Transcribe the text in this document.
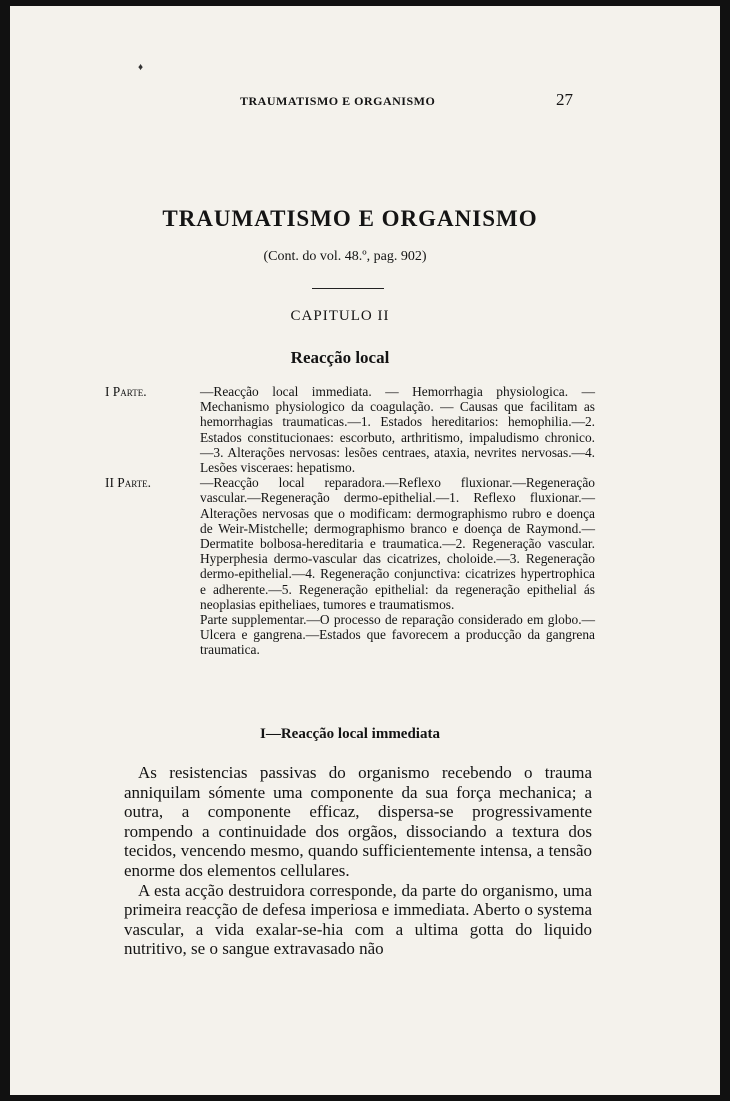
♦
TRAUMATISMO E ORGANISMO	27
TRAUMATISMO E ORGANISMO
(Cont. do vol. 48.º, pag. 902)
CAPITULO II
Reacção local
I Parte.	—Reacção local immediata. — Hemorrhagia physiologica. — Mechanismo physiologico da coagulação. — Causas que facilitam as hemorrhagias traumaticas.—1. Estados hereditarios: hemophilia.—2. Estados constitucionaes: escorbuto, arthritismo, impaludismo chronico.—3. Alterações nervosas: lesões centraes, ataxia, nevrites nervosas.—4. Lesões visceraes: hepatismo.
II Parte.	—Reacção local reparadora.—Reflexo fluxionar.—Regeneração vascular.—Regeneração dermo-epithelial.—1. Reflexo fluxionar.—Alterações nervosas que o modificam: dermographismo rubro e doença de Weir-Mistchelle; dermographismo branco e doença de Raymond.—Dermatite bolbosa-hereditaria e traumatica.—2. Regeneração vascular. Hyperphesia dermo-vascular das cicatrizes, choloide.—3. Regeneração dermo-epithelial.—4. Regeneração conjunctiva: cicatrizes hypertrophica e adherente.—5. Regeneração epithelial: da regeneração epithelial ás neoplasias epitheliaes, tumores e traumatismos.
Parte supplementar.—O processo de reparação considerado em globo.—Ulcera e gangrena.—Estados que favorecem a producção da gangrena traumatica.
I—Reacção local immediata

As resistencias passivas do organismo recebendo o trauma anniquilam sómente uma componente da sua força mechanica; a outra, a componente efficaz, dispersa-se progressivamente rompendo a continuidade dos orgãos, dissociando a textura dos tecidos, vencendo mesmo, quando sufficientemente intensa, a tensão enorme dos elementos cellulares.

A esta acção destruidora corresponde, da parte do organismo, uma primeira reacção de defesa imperiosa e immediata. Aberto o systema vascular, a vida exalar-se-hia com a ultima gotta do liquido nutritivo, se o sangue extravasado não
